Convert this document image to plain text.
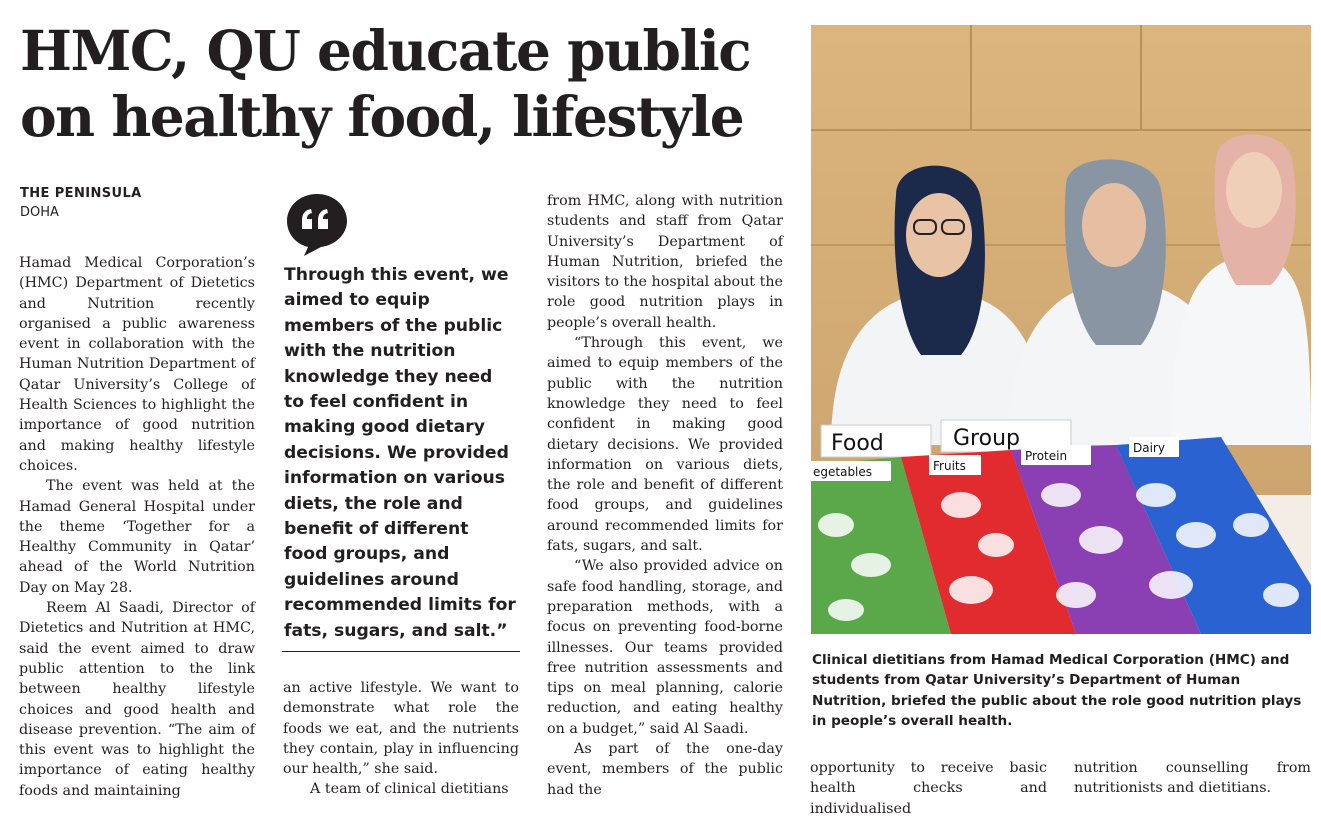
HMC, QU educate public on healthy food, lifestyle
THE PENINSULA
DOHA

Hamad Medical Corporation’s (HMC) Department of Dietetics and Nutrition recently organised a public awareness event in collaboration with the Human Nutrition Department of Qatar University’s College of Health Sciences to highlight the importance of good nutrition and making healthy lifestyle choices.

The event was held at the Hamad General Hospital under the theme ‘Together for a Healthy Community in Qatar’ ahead of the World Nutrition Day on May 28.

Reem Al Saadi, Director of Dietetics and Nutrition at HMC, said the event aimed to draw public attention to the link between healthy lifestyle choices and good health and disease prevention. “The aim of this event was to highlight the importance of eating healthy foods and maintaining

Through this event, we aimed to equip members of the public with the nutrition knowledge they need to feel confident in making good dietary decisions. We provided information on various diets, the role and benefit of different food groups, and guidelines around recommended limits for fats, sugars, and salt.”

an active lifestyle. We want to demonstrate what role the foods we eat, and the nutrients they contain, play in influencing our health,” she said.

A team of clinical dietitians

from HMC, along with nutrition students and staff from Qatar University’s Department of Human Nutrition, briefed the visitors to the hospital about the role good nutrition plays in people’s overall health.

“Through this event, we aimed to equip members of the public with the nutrition knowledge they need to feel confident in making good dietary decisions. We provided information on various diets, the role and benefit of different food groups, and guidelines around recommended limits for fats, sugars, and salt.

“We also provided advice on safe food handling, storage, and preparation methods, with a focus on preventing food-borne illnesses. Our teams provided free nutrition assessments and tips on meal planning, calorie reduction, and eating healthy on a budget,” said Al Saadi.

As part of the one-day event, members of the public had the

Food	Group
egetables	Fruits
Protein
Dairy

Clinical dietitians from Hamad Medical Corporation (HMC) and students from Qatar University’s Department of Human Nutrition, briefed the public about the role good nutrition plays in people’s overall health.

opportunity to receive basic health checks and individualised

nutrition counselling from nutritionists and dietitians.
